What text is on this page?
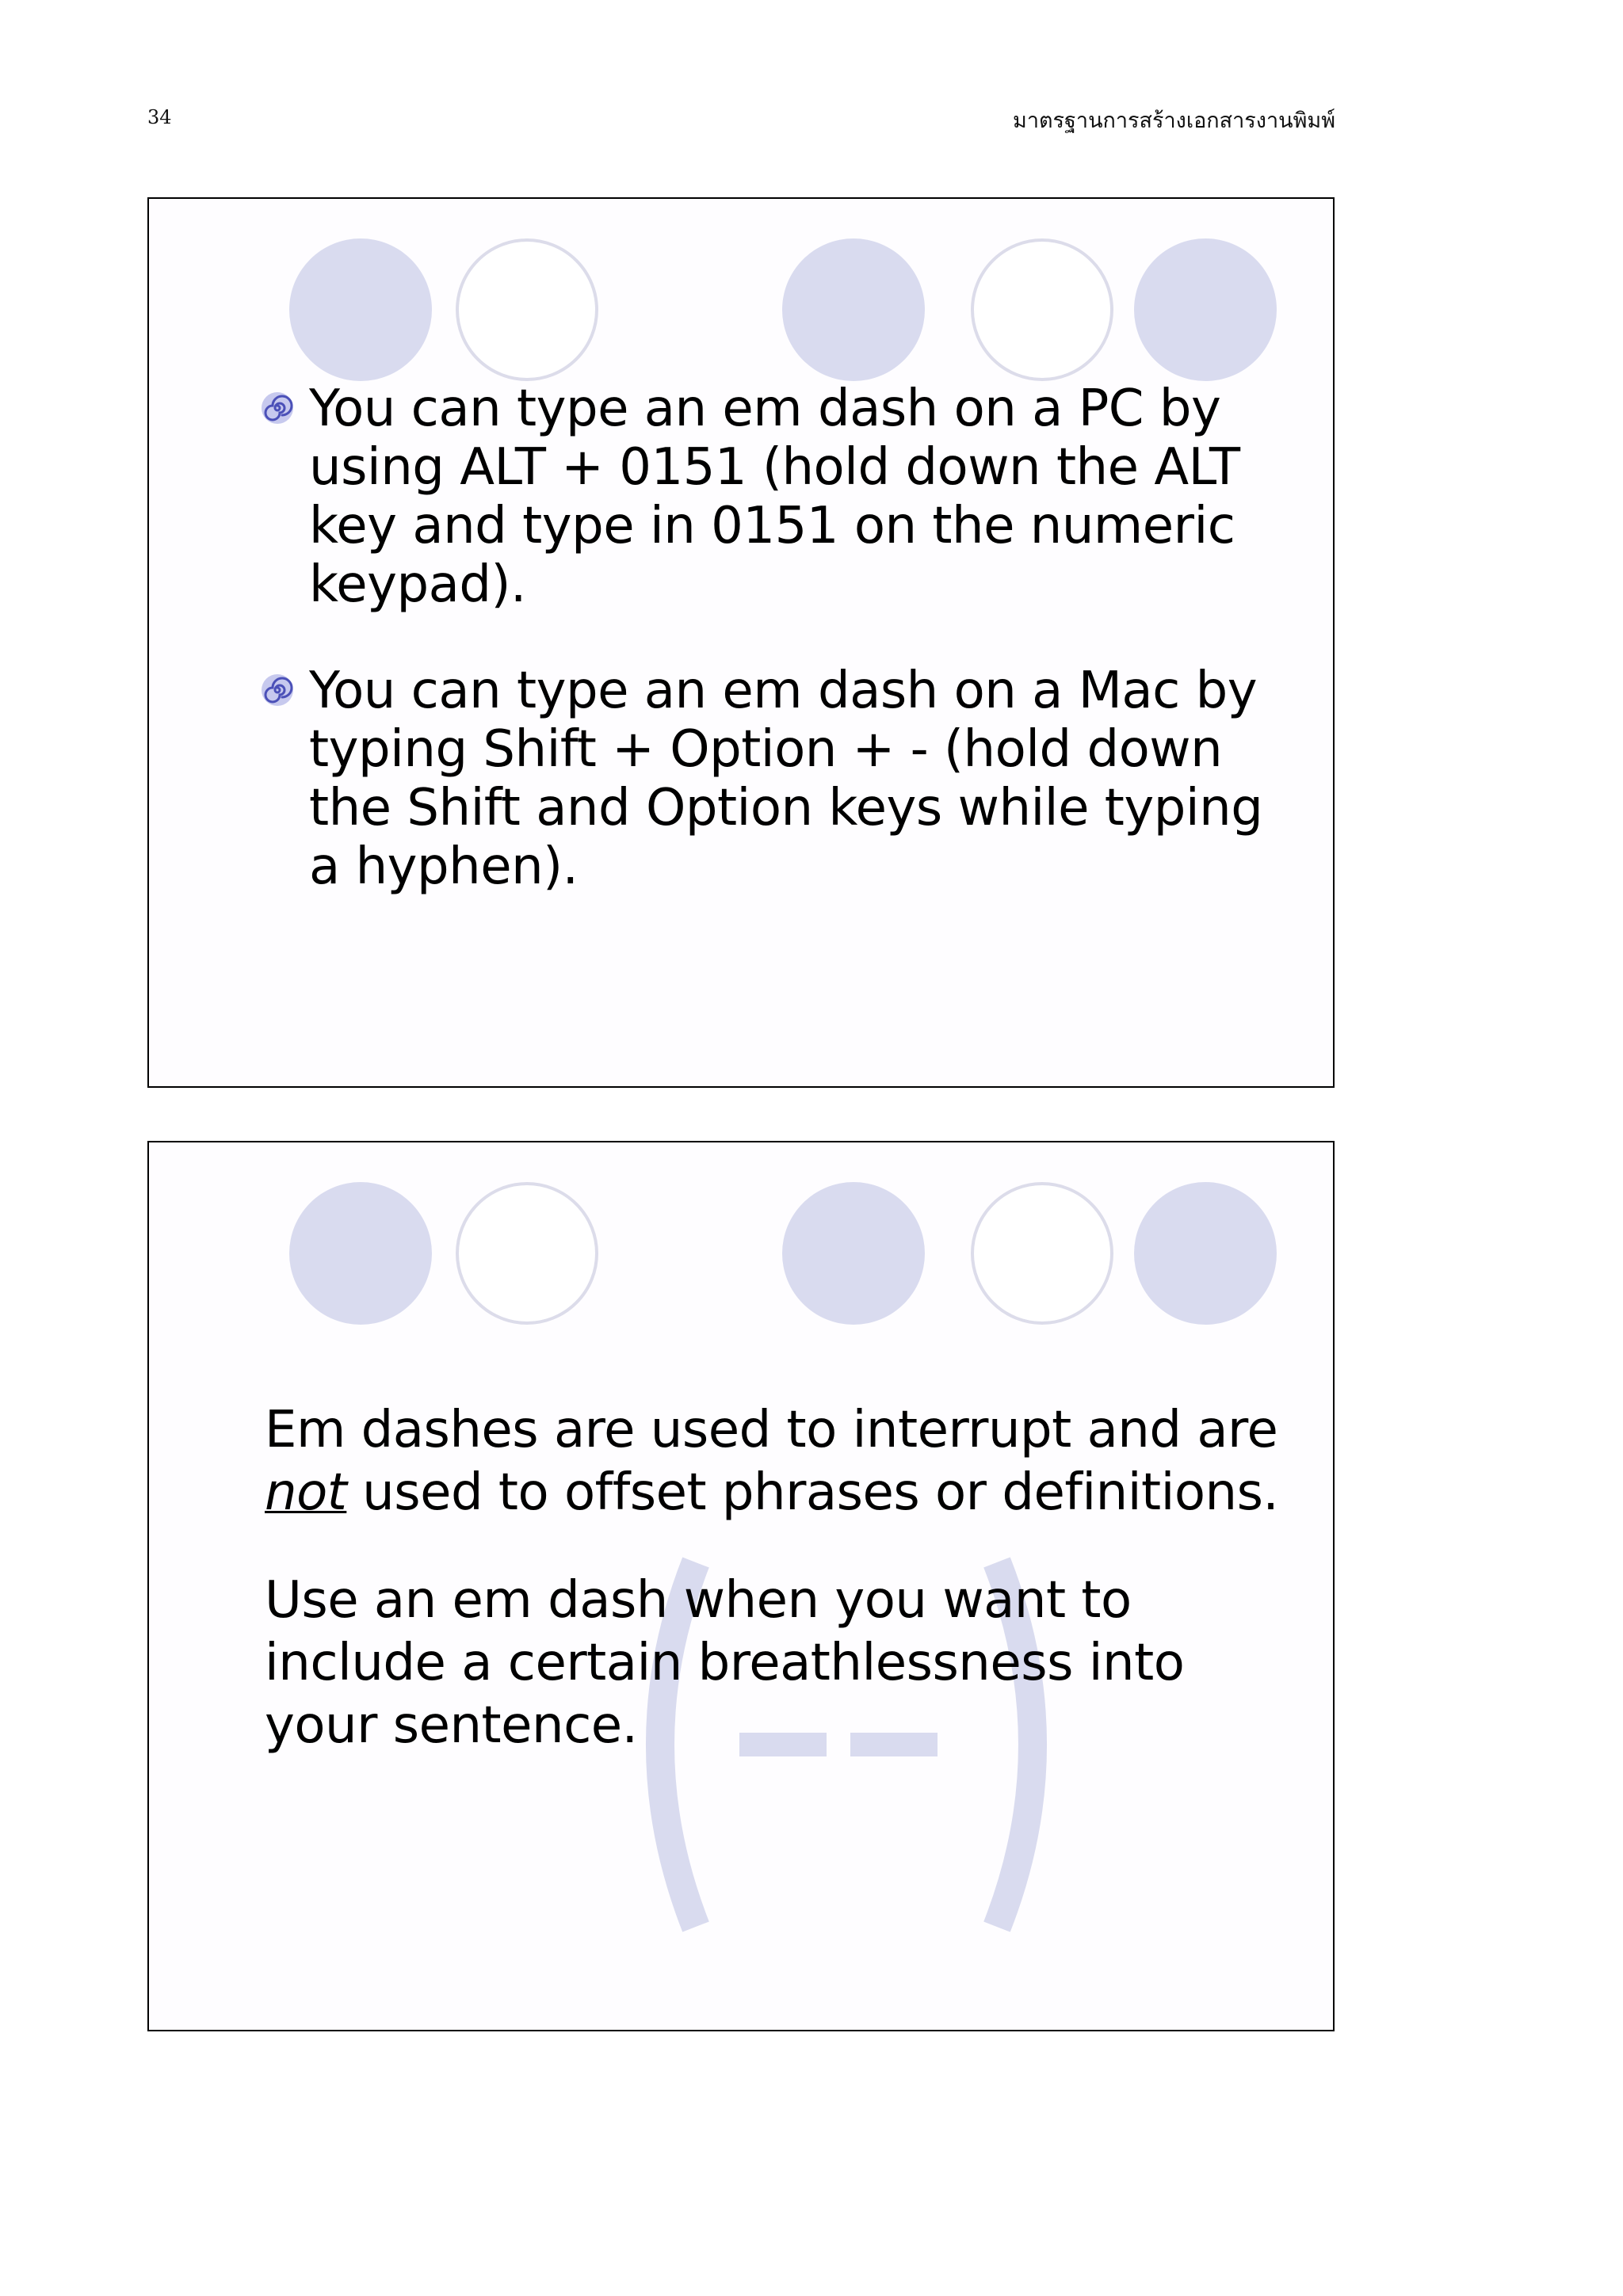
34	มาตรฐานการสร้างเอกสารงานพิมพ์
You can type an em dash on a PC by using ALT + 0151 (hold down the ALT key and type in 0151 on the numeric keypad).
You can type an em dash on a Mac by typing Shift + Option + - (hold down the Shift and Option keys while typing a hyphen).

Em dashes are used to interrupt and are
not used to offset phrases or definitions.

Use an em dash when you want to include a certain breathlessness into your sentence.
